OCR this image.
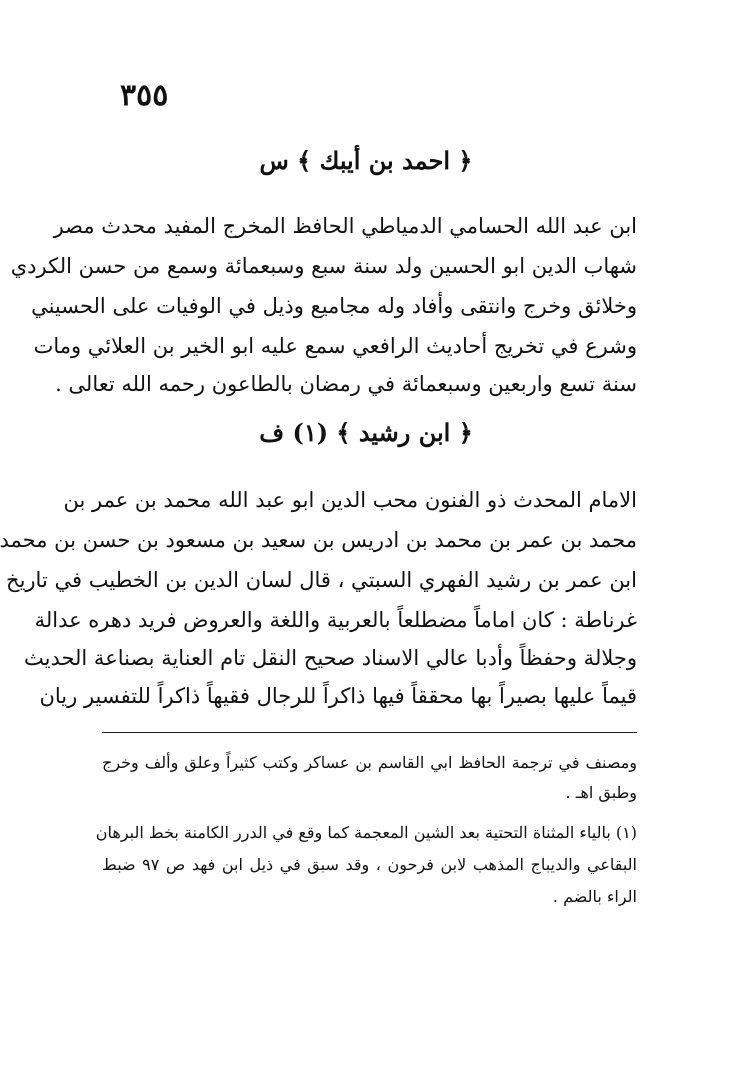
٣٥٥
﴿ احمد بن أيبك ﴾ س
ابن عبد الله الحسامي الدمياطي الحافظ المخرج المفيد محدث مصر
شهاب الدين ابو الحسين ولد سنة سبع وسبعمائة وسمع من حسن الكردي
وخلائق وخرج وانتقى وأفاد وله مجاميع وذيل في الوفيات على الحسيني
وشرع في تخريج أحاديث الرافعي سمع عليه ابو الخير بن العلائي ومات
سنة تسع واربعين وسبعمائة في رمضان بالطاعون رحمه الله تعالى .
﴿ ابن رشيد ﴾ (١) ف
الامام المحدث ذو الفنون محب الدين ابو عبد الله محمد بن عمر بن
محمد بن عمر بن محمد بن ادريس بن سعيد بن مسعود بن حسن بن محمد
ابن عمر بن رشيد الفهري السبتي ، قال لسان الدين بن الخطيب في تاريخ
غرناطة : كان اماماً مضطلعاً بالعربية واللغة والعروض فريد دهره عدالة
وجلالة وحفظاً وأدبا عالي الاسناد صحيح النقل تام العناية بصناعة الحديث
قيماً عليها بصيراً بها محققاً فيها ذاكراً للرجال فقيهاً ذاكراً للتفسير ريان
ومصنف في ترجمة الحافظ ابي القاسم بن عساكر وكتب كثيراً وعلق وألف وخرج
وطبق اهـ .
(١) بالياء المثناة التحتية بعد الشين المعجمة كما وقع في الدرر الكامنة بخط البرهان
البقاعي والديباج المذهب لابن فرحون ، وقد سبق في ذيل ابن فهد ص ٩٧ ضبط
الراء بالضم .
